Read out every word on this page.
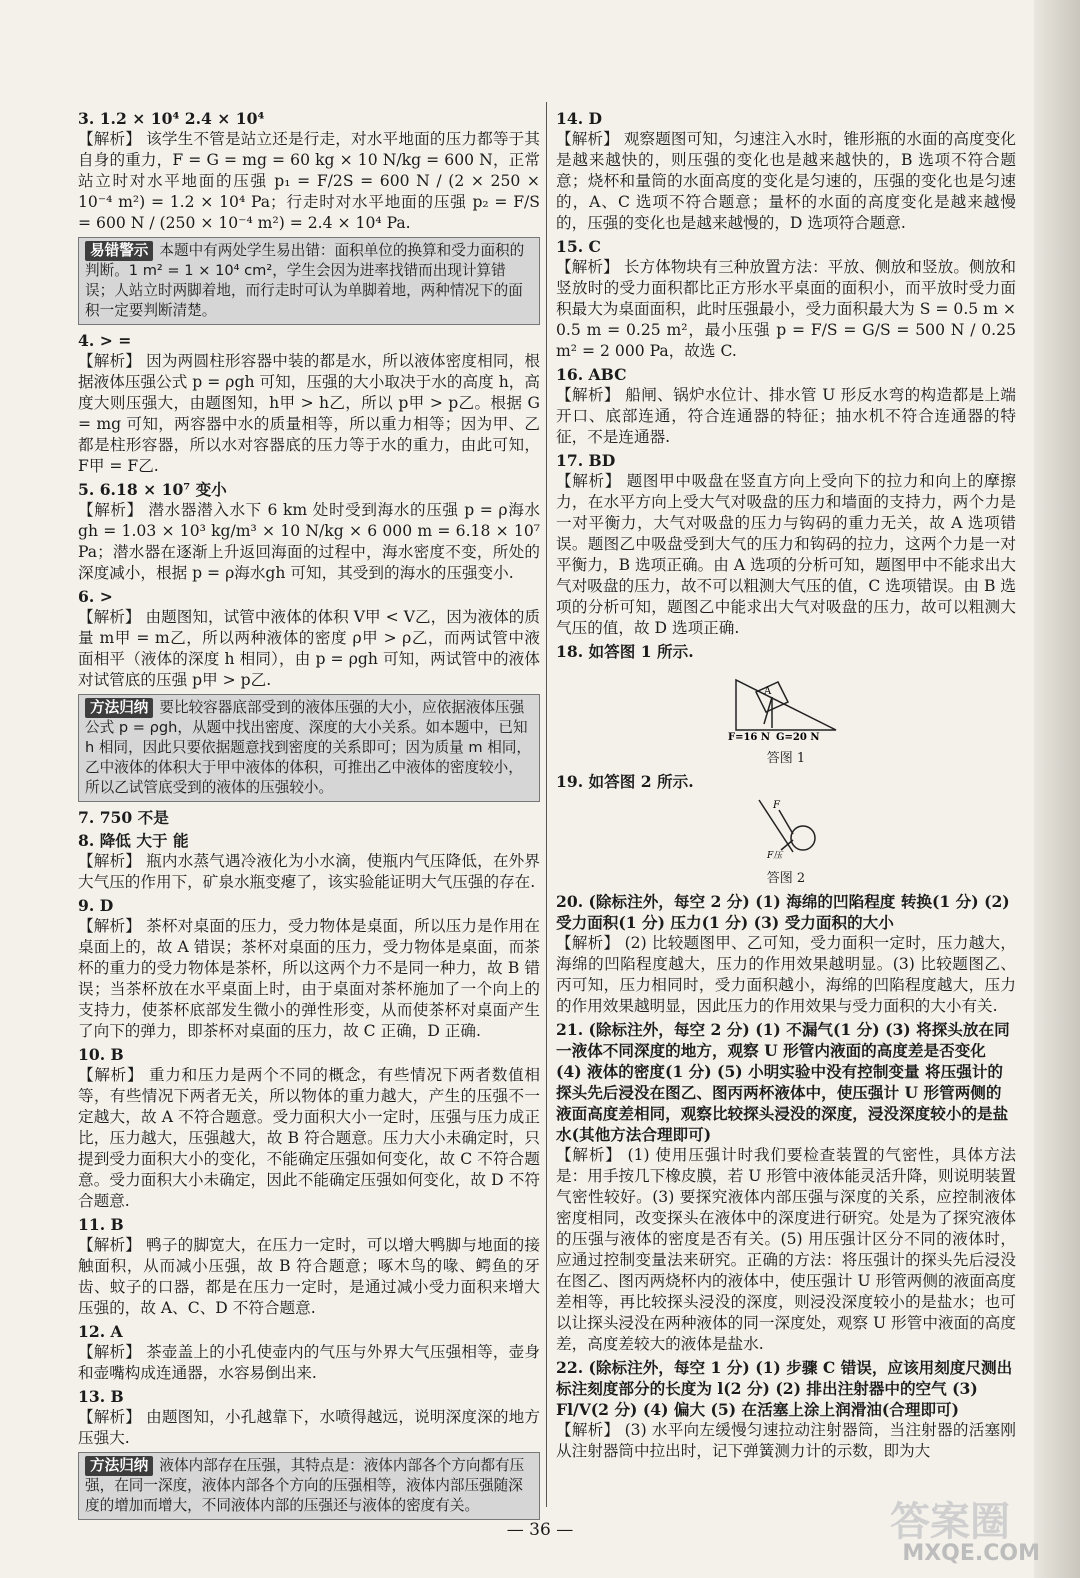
3. 1.2 × 10⁴ 2.4 × 10⁴

【解析】 该学生不管是站立还是行走，对水平地面的压力都等于其自身的重力，F = G = mg = 60 kg × 10 N/kg = 600 N，正常站立时对水平地面的压强 p₁ = F/2S = 600 N / (2 × 250 × 10⁻⁴ m²) = 1.2 × 10⁴ Pa；行走时对水平地面的压强 p₂ = F/S = 600 N / (250 × 10⁻⁴ m²) = 2.4 × 10⁴ Pa.

易错警示 本题中有两处学生易出错：面积单位的换算和受力面积的判断。1 m² = 1 × 10⁴ cm²，学生会因为进率找错而出现计算错误；人站立时两脚着地，而行走时可认为单脚着地，两种情况下的面积一定要判断清楚。
4. > =

【解析】 因为两圆柱形容器中装的都是水，所以液体密度相同，根据液体压强公式 p = ρgh 可知，压强的大小取决于水的高度 h，高度大则压强大，由题图知，h甲 > h乙，所以 p甲 > p乙。根据 G = mg 可知，两容器中水的质量相等，所以重力相等；因为甲、乙都是柱形容器，所以水对容器底的压力等于水的重力，由此可知，F甲 = F乙.

5. 6.18 × 10⁷ 变小

【解析】 潜水器潜入水下 6 km 处时受到海水的压强 p = ρ海水gh = 1.03 × 10³ kg/m³ × 10 N/kg × 6 000 m = 6.18 × 10⁷ Pa；潜水器在逐渐上升返回海面的过程中，海水密度不变，所处的深度减小，根据 p = ρ海水gh 可知，其受到的海水的压强变小.

6. >

【解析】 由题图知，试管中液体的体积 V甲 < V乙，因为液体的质量 m甲 = m乙，所以两种液体的密度 ρ甲 > ρ乙，而两试管中液面相平（液体的深度 h 相同），由 p = ρgh 可知，两试管中的液体对试管底的压强 p甲 > p乙.

方法归纳 要比较容器底部受到的液体压强的大小，应依据液体压强公式 p = ρgh，从题中找出密度、深度的大小关系。如本题中，已知 h 相同，因此只要依据题意找到密度的关系即可；因为质量 m 相同，乙中液体的体积大于甲中液体的体积，可推出乙中液体的密度较小，所以乙试管底受到的液体的压强较小。
7. 750 不是
8. 降低 大于 能

【解析】 瓶内水蒸气遇冷液化为小水滴，使瓶内气压降低，在外界大气压的作用下，矿泉水瓶变瘪了，该实验能证明大气压强的存在.

9. D

【解析】 茶杯对桌面的压力，受力物体是桌面，所以压力是作用在桌面上的，故 A 错误；茶杯对桌面的压力，受力物体是桌面，而茶杯的重力的受力物体是茶杯，所以这两个力不是同一种力，故 B 错误；当茶杯放在水平桌面上时，由于桌面对茶杯施加了一个向上的支持力，使茶杯底部发生微小的弹性形变，从而使茶杯对桌面产生了向下的弹力，即茶杯对桌面的压力，故 C 正确，D 正确.

10. B

【解析】 重力和压力是两个不同的概念，有些情况下两者数值相等，有些情况下两者无关，所以物体的重力越大，产生的压强不一定越大，故 A 不符合题意。受力面积大小一定时，压强与压力成正比，压力越大，压强越大，故 B 符合题意。压力大小未确定时，只提到受力面积大小的变化，不能确定压强如何变化，故 C 不符合题意。受力面积大小未确定，因此不能确定压强如何变化，故 D 不符合题意.

11. B

【解析】 鸭子的脚宽大，在压力一定时，可以增大鸭脚与地面的接触面积，从而减小压强，故 B 符合题意；啄木鸟的喙、鳄鱼的牙齿、蚊子的口器，都是在压力一定时，是通过减小受力面积来增大压强的，故 A、C、D 不符合题意.

12. A

【解析】 茶壶盖上的小孔使壶内的气压与外界大气压强相等，壶身和壶嘴构成连通器，水容易倒出来.

13. B

【解析】 由题图知，小孔越靠下，水喷得越远，说明深度深的地方压强大.

方法归纳 液体内部存在压强，其特点是：液体内部各个方向都有压强，在同一深度，液体内部各个方向的压强相等，液体内部压强随深度的增加而增大，不同液体内部的压强还与液体的密度有关。
14. D

【解析】 观察题图可知，匀速注入水时，锥形瓶的水面的高度变化是越来越快的，则压强的变化也是越来越快的，B 选项不符合题意；烧杯和量筒的水面高度的变化是匀速的，压强的变化也是匀速的，A、C 选项不符合题意；量杯的水面的高度变化是越来越慢的，压强的变化也是越来越慢的，D 选项符合题意.

15. C

【解析】 长方体物块有三种放置方法：平放、侧放和竖放。侧放和竖放时的受力面积都比正方形水平桌面的面积小，而平放时受力面积最大为桌面面积，此时压强最小，受力面积最大为 S = 0.5 m × 0.5 m = 0.25 m²，最小压强 p = F/S = G/S = 500 N / 0.25 m² = 2 000 Pa，故选 C.

16. ABC

【解析】 船闸、锅炉水位计、排水管 U 形反水弯的构造都是上端开口、底部连通，符合连通器的特征；抽水机不符合连通器的特征，不是连通器.

17. BD

【解析】 题图甲中吸盘在竖直方向上受向下的拉力和向上的摩擦力，在水平方向上受大气对吸盘的压力和墙面的支持力，两个力是一对平衡力，大气对吸盘的压力与钩码的重力无关，故 A 选项错误。题图乙中吸盘受到大气的压力和钩码的拉力，这两个力是一对平衡力，B 选项正确。由 A 选项的分析可知，题图甲中不能求出大气对吸盘的压力，故不可以粗测大气压的值，C 选项错误。由 B 选项的分析可知，题图乙中能求出大气对吸盘的压力，故可以粗测大气压的值，故 D 选项正确.

18. 如答图 1 所示.
A
F=16 N G=20 N
答图 1
19. 如答图 2 所示.
F
F压
答图 2
20. (除标注外，每空 2 分) (1) 海绵的凹陷程度 转换(1 分) (2) 受力面积(1 分) 压力(1 分) (3) 受力面积的大小

【解析】 (2) 比较题图甲、乙可知，受力面积一定时，压力越大，海绵的凹陷程度越大，压力的作用效果越明显。(3) 比较题图乙、丙可知，压力相同时，受力面积越小，海绵的凹陷程度越大，压力的作用效果越明显，因此压力的作用效果与受力面积的大小有关.

21. (除标注外，每空 2 分) (1) 不漏气(1 分) (3) 将探头放在同一液体不同深度的地方，观察 U 形管内液面的高度差是否变化 (4) 液体的密度(1 分) (5) 小明实验中没有控制变量 将压强计的探头先后浸没在图乙、图丙两杯液体中，使压强计 U 形管两侧的液面高度差相同，观察比较探头浸没的深度，浸没深度较小的是盐水(其他方法合理即可)

【解析】 (1) 使用压强计时我们要检查装置的气密性，具体方法是：用手按几下橡皮膜，若 U 形管中液体能灵活升降，则说明装置气密性较好。(3) 要探究液体内部压强与深度的关系，应控制液体密度相同，改变探头在液体中的深度进行研究。处是为了探究液体的压强与液体的密度是否有关。(5) 用压强计区分不同的液体时，应通过控制变量法来研究。正确的方法：将压强计的探头先后浸没在图乙、图丙两烧杯内的液体中，使压强计 U 形管两侧的液面高度差相等，再比较探头浸没的深度，则浸没深度较小的是盐水；也可以让探头浸没在两种液体的同一深度处，观察 U 形管中液面的高度差，高度差较大的液体是盐水.

22. (除标注外，每空 1 分) (1) 步骤 C 错误，应该用刻度尺测出标注刻度部分的长度为 l(2 分) (2) 排出注射器中的空气 (3) Fl/V(2 分) (4) 偏大 (5) 在活塞上涂上润滑油(合理即可)

【解析】 (3) 水平向左缓慢匀速拉动注射器筒，当注射器的活塞刚从注射器筒中拉出时，记下弹簧测力计的示数，即为大

— 36 —	答案圈
MXQE.COM
